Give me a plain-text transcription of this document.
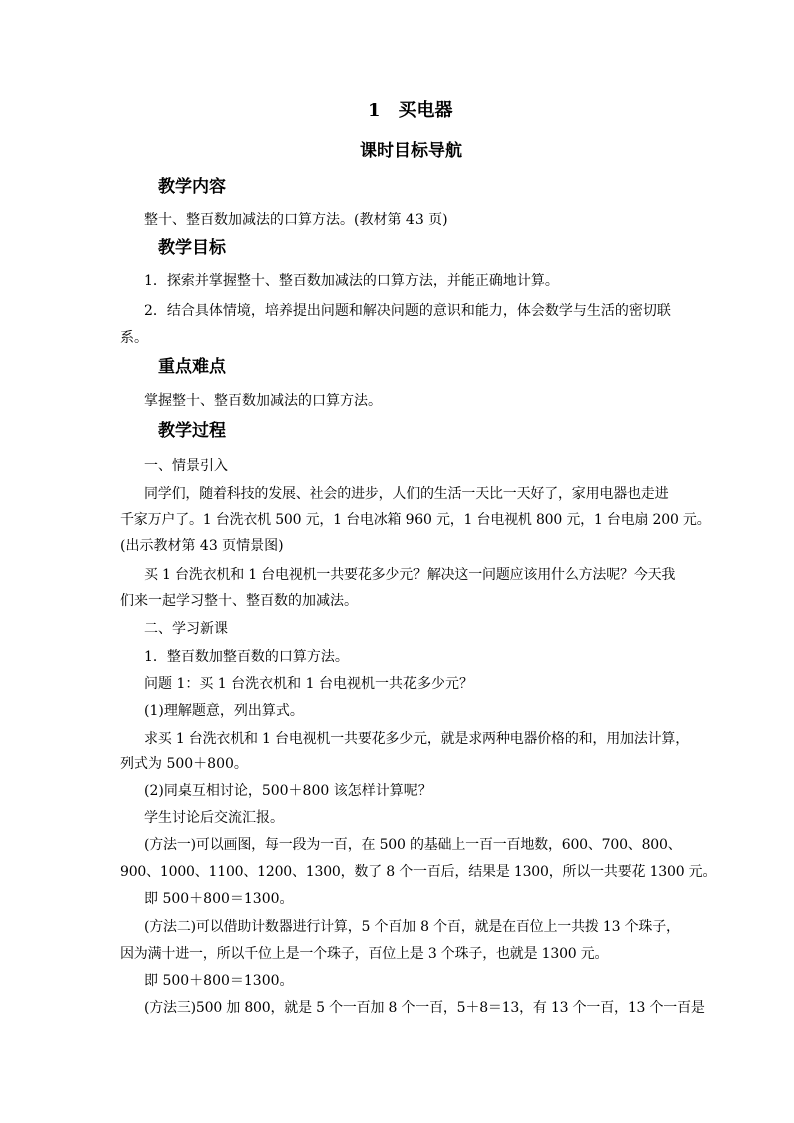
1　买电器
课时目标导航
教学内容
整十、整百数加减法的口算方法。(教材第 43 页)
教学目标
1．探索并掌握整十、整百数加减法的口算方法，并能正确地计算。
2．结合具体情境，培养提出问题和解决问题的意识和能力，体会数学与生活的密切联
系。
重点难点
掌握整十、整百数加减法的口算方法。
教学过程
一、情景引入
同学们，随着科技的发展、社会的进步，人们的生活一天比一天好了，家用电器也走进
千家万户了。1 台洗衣机 500 元，1 台电冰箱 960 元，1 台电视机 800 元，1 台电扇 200 元。
(出示教材第 43 页情景图)
买 1 台洗衣机和 1 台电视机一共要花多少元？解决这一问题应该用什么方法呢？今天我
们来一起学习整十、整百数的加减法。
二、学习新课
1．整百数加整百数的口算方法。
问题 1：买 1 台洗衣机和 1 台电视机一共花多少元？
(1)理解题意，列出算式。
求买 1 台洗衣机和 1 台电视机一共要花多少元，就是求两种电器价格的和，用加法计算，
列式为 500＋800。
(2)同桌互相讨论，500＋800 该怎样计算呢？
学生讨论后交流汇报。
(方法一)可以画图，每一段为一百，在 500 的基础上一百一百地数，600、700、800、
900、1000、1100、1200、1300，数了 8 个一百后，结果是 1300，所以一共要花 1300 元。
即 500＋800＝1300。
(方法二)可以借助计数器进行计算，5 个百加 8 个百，就是在百位上一共拨 13 个珠子，
因为满十进一，所以千位上是一个珠子，百位上是 3 个珠子，也就是 1300 元。
即 500＋800＝1300。
(方法三)500 加 800，就是 5 个一百加 8 个一百，5＋8＝13，有 13 个一百，13 个一百是
